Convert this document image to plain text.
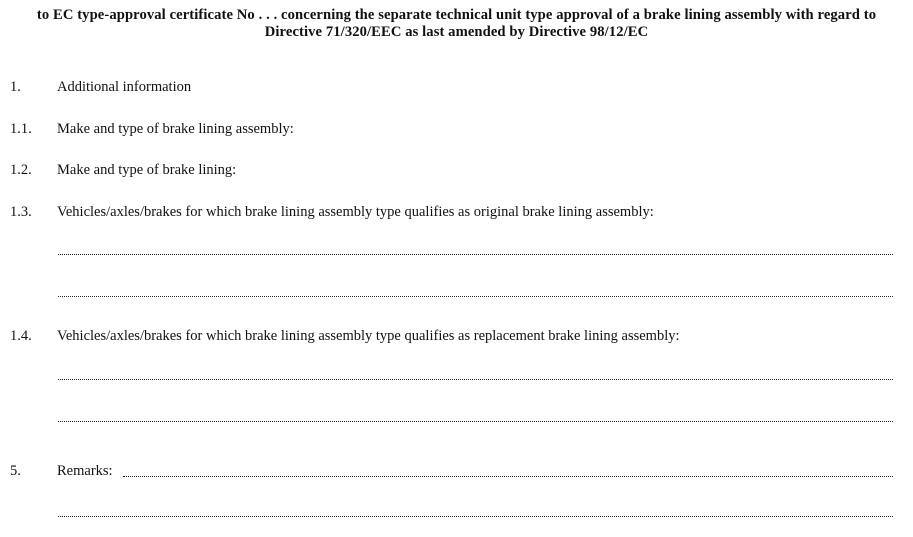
to EC type-approval certificate No . . . concerning the separate technical unit type approval of a brake lining assembly with regard to
Directive 71/320/EEC as last amended by Directive 98/12/EC
1. Additional information
1.1. Make and type of brake lining assembly:
1.2. Make and type of brake lining:
1.3. Vehicles/axles/brakes for which brake lining assembly type qualifies as original brake lining assembly:
1.4. Vehicles/axles/brakes for which brake lining assembly type qualifies as replacement brake lining assembly:
5. Remarks:
